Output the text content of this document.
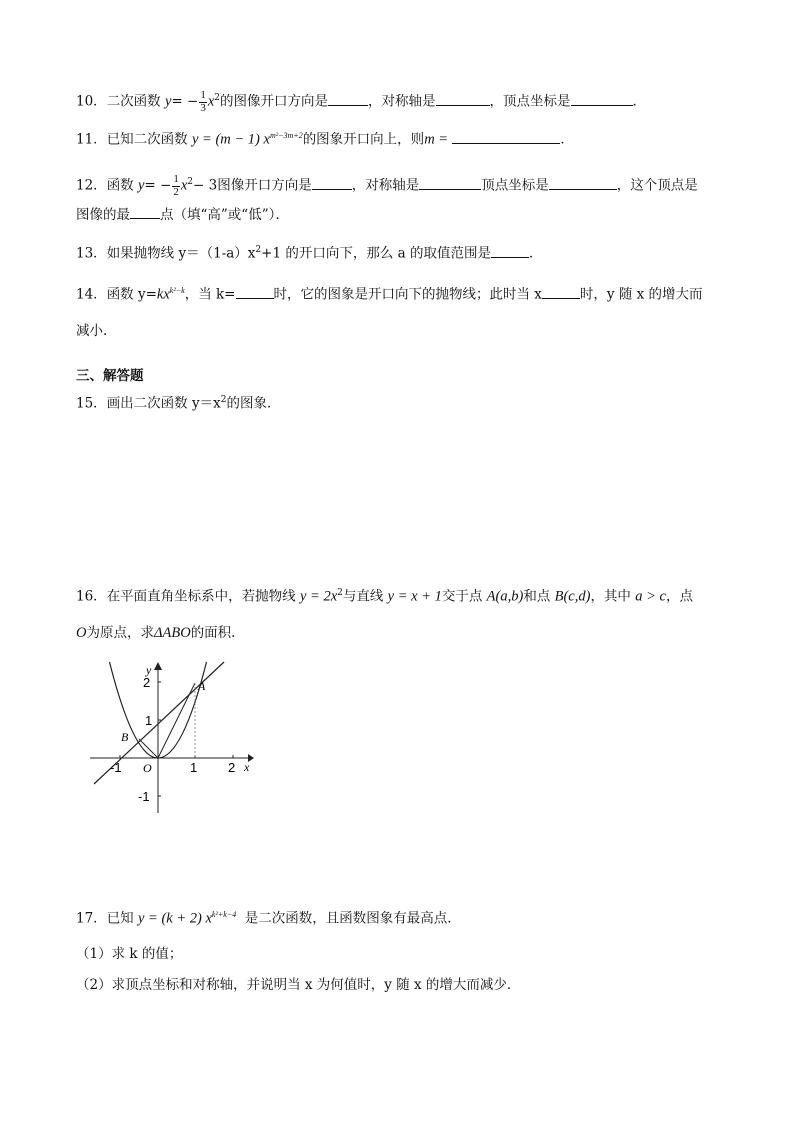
10．二次函数 $y= - \frac{1}{3} x^2$的图像开口方向是	，对称轴是	，顶点坐标是	．
11．已知二次函数 y = (m − 1) $x^{m^2-3m+2}$的图象开口向上，则m =	．
12．函数 $y= - \frac{1}{2} x^2- 3$图像开口方向是	，对称轴是	顶点坐标是	，这个顶点是
图像的最 点（填“高”或“低”）．
13．如果抛物线 $y=(1-a)x^2+1$ 的开口向下，那么 a 的取值范围是	．
14．函数 $y=kx^{k^2-k}$，当 k=	时，它的图象是开口向下的抛物线；此时当 x	时，y 随 x 的增大而
减小.
三、解答题
15．画出二次函数 $y=x^2$的图象．
16．在平面直角坐标系中，若抛物线 $y = 2x^2$与直线 y = x + 1交于点 A(a,b)和点 B(c,d)，其中 a > c，点
O为原点，求ΔABO的面积.
y
x
A
B
O
2
1
-1
-1	1 2
17．已知 y = (k + 2) $x^{k^2+k-4}$ 是二次函数，且函数图象有最高点．
（1）求 k 的值；
（2）求顶点坐标和对称轴，并说明当 x 为何值时，y 随 x 的增大而减少．
